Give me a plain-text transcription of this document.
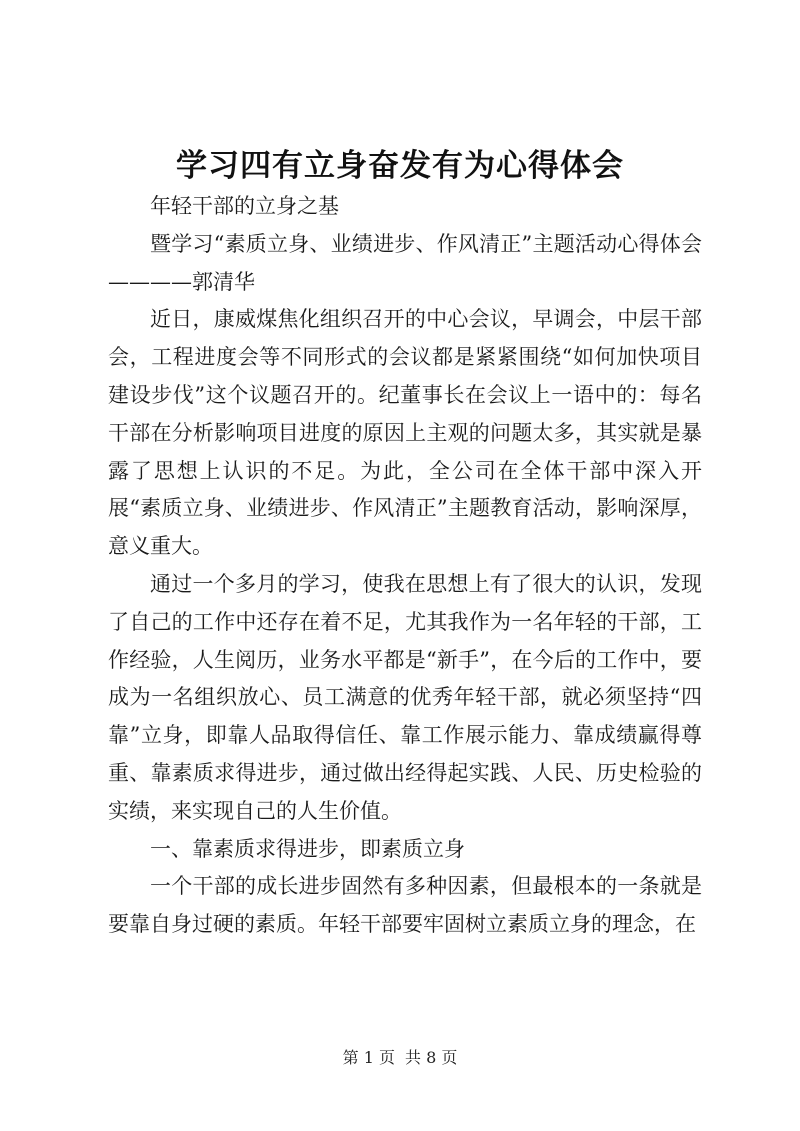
学习四有立身奋发有为心得体会

年轻干部的立身之基

暨学习“素质立身、业绩进步、作风清正”主题活动心得体会————郭清华

近日，康威煤焦化组织召开的中心会议，早调会，中层干部会，工程进度会等不同形式的会议都是紧紧围绕“如何加快项目建设步伐”这个议题召开的。纪董事长在会议上一语中的：每名干部在分析影响项目进度的原因上主观的问题太多，其实就是暴露了思想上认识的不足。为此，全公司在全体干部中深入开展“素质立身、业绩进步、作风清正”主题教育活动，影响深厚，意义重大。

通过一个多月的学习，使我在思想上有了很大的认识，发现了自己的工作中还存在着不足，尤其我作为一名年轻的干部，工作经验，人生阅历，业务水平都是“新手”，在今后的工作中，要成为一名组织放心、员工满意的优秀年轻干部，就必须坚持“四靠”立身，即靠人品取得信任、靠工作展示能力、靠成绩赢得尊重、靠素质求得进步，通过做出经得起实践、人民、历史检验的实绩，来实现自己的人生价值。

一、靠素质求得进步，即素质立身

一个干部的成长进步固然有多种因素，但最根本的一条就是要靠自身过硬的素质。年轻干部要牢固树立素质立身的理念，在

第 1 页 共 8 页
